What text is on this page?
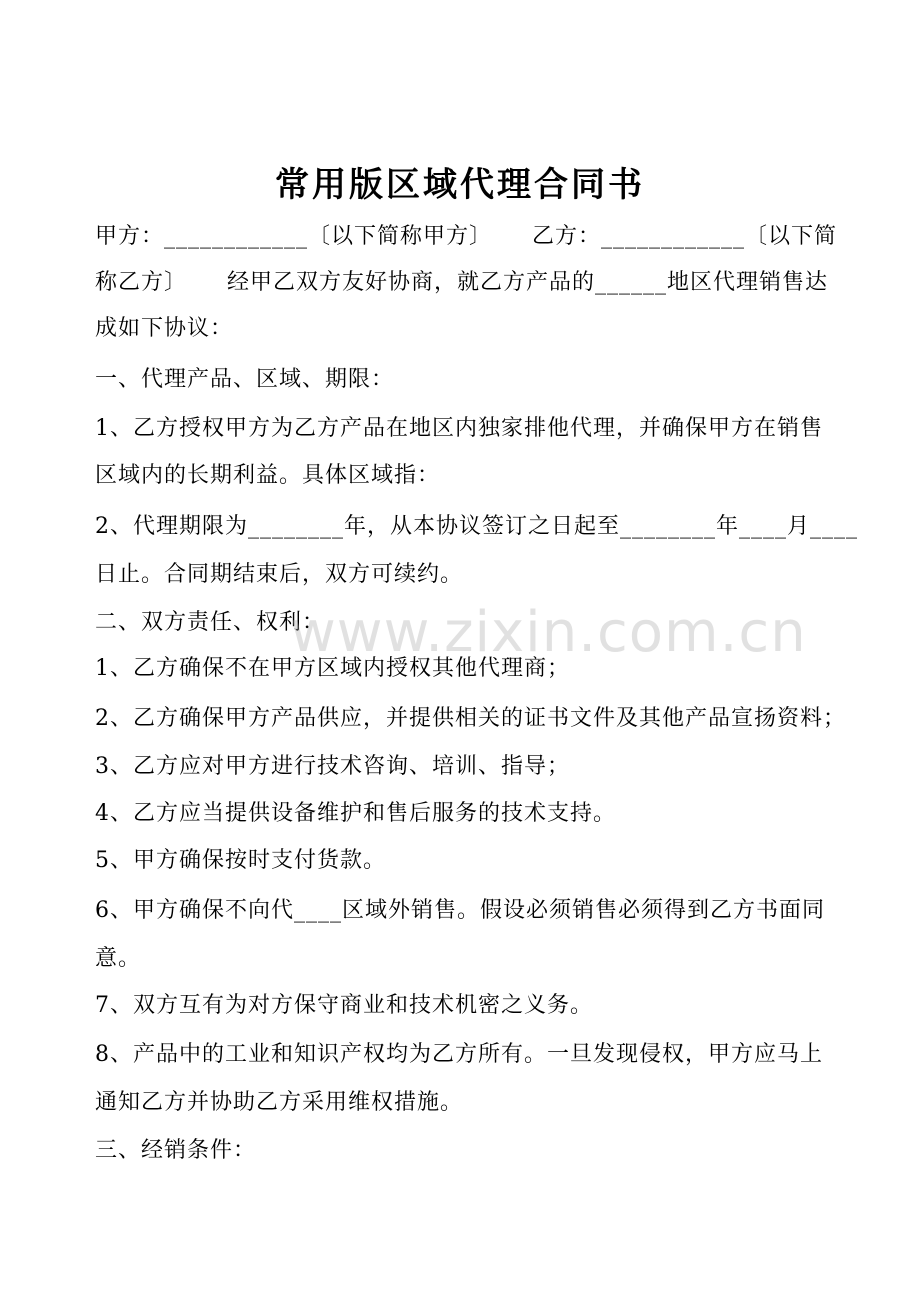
常用版区域代理合同书
甲方：____________〔以下简称甲方〕     乙方：____________〔以下简
称乙方〕     经甲乙双方友好协商，就乙方产品的______地区代理销售达
成如下协议：
一、代理产品、区域、期限：
1、乙方授权甲方为乙方产品在地区内独家排他代理，并确保甲方在销售
区域内的长期利益。具体区域指：
2、代理期限为________年，从本协议签订之日起至________年____月____
日止。合同期结束后，双方可续约。
二、双方责任、权利：
1、乙方确保不在甲方区域内授权其他代理商；
2、乙方确保甲方产品供应，并提供相关的证书文件及其他产品宣扬资料；
3、乙方应对甲方进行技术咨询、培训、指导；
4、乙方应当提供设备维护和售后服务的技术支持。
5、甲方确保按时支付货款。
6、甲方确保不向代____区域外销售。假设必须销售必须得到乙方书面同
意。
7、双方互有为对方保守商业和技术机密之义务。
8、产品中的工业和知识产权均为乙方所有。一旦发现侵权，甲方应马上
通知乙方并协助乙方采用维权措施。
三、经销条件：
www.zixin.com.cn
